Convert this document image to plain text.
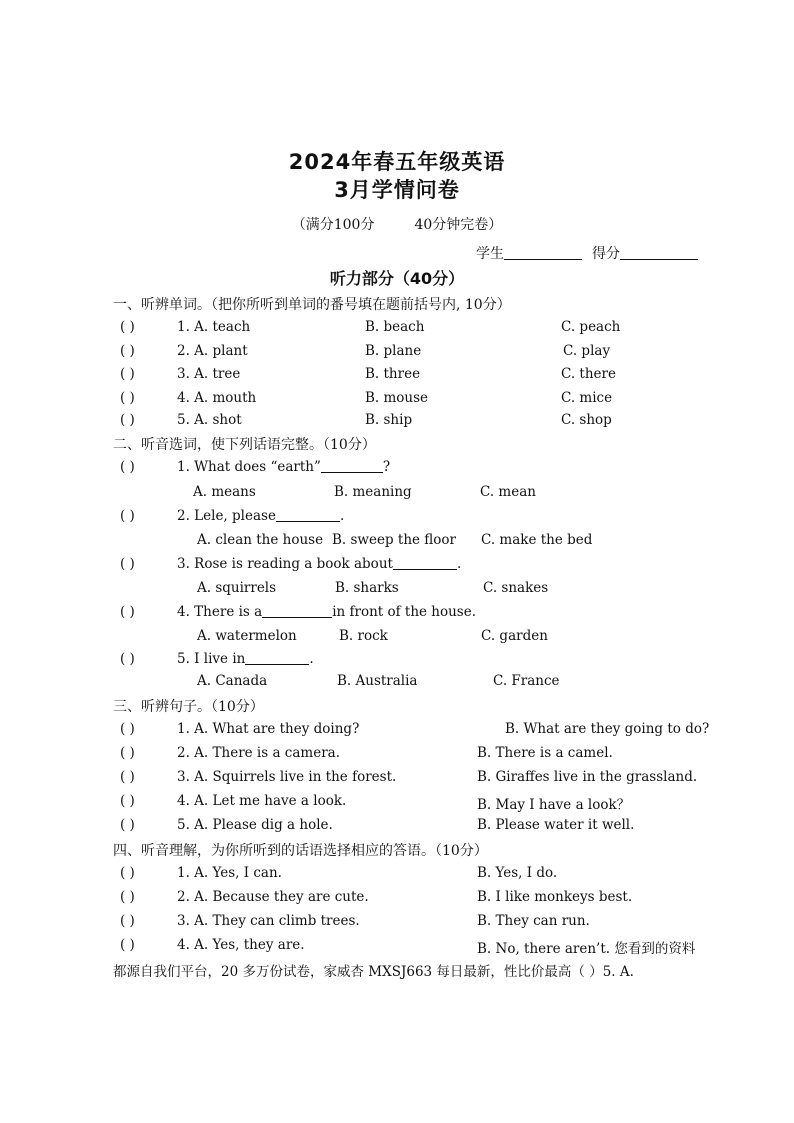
2024年春五年级英语
3月学情问卷
（满分100分	40分钟完卷）
学生	得分
听力部分（40分）
一、听辨单词。（把你所听到单词的番号填在题前括号内, 10分）
( )	1. A. teach	B. beach	C. peach
( )	2. A. plant	B. plane	C. play
( )	3. A. tree	B. three	C. there
( )	4. A. mouth	B. mouse	C. mice
( )	5. A. shot	B. ship	C. shop
二、听音选词，使下列话语完整。（10分）
( )	1. What does “earth”	?
A. means	B. meaning	C. mean
( )	2. Lele, please	.
A. clean the house B. sweep the floor C. make the bed
( )	3. Rose is reading a book about	.
A. squirrels	B. sharks	C. snakes
( )	4. There is a	in front of the house.
A. watermelon	B. rock	C. garden
( )	5. I live in	.
A. Canada	B. Australia	C. France
三、听辨句子。（10分）
( )	1. A. What are they doing?	B. What are they going to do?
( )	2. A. There is a camera.	B. There is a camel.
( )	3. A. Squirrels live in the forest.	B. Giraffes live in the grassland.
( )	4. A. Let me have a look.	B. May I have a look？
( )	5. A. Please dig a hole.	B. Please water it well.
四、听音理解，为你所听到的话语选择相应的答语。（10分）
( )	1. A. Yes, I can.	B. Yes, I do.
( )	2. A. Because they are cute.	B. I like monkeys best.
( )	3. A. They can climb trees.	B. They can run.
( )	4. A. Yes, they are.	B. No, there aren’t. 您看到的资料
都源自我们平台，20 多万份试卷，家威杏 MXSJ663 每日最新，性比价最高（ ）5. A.
